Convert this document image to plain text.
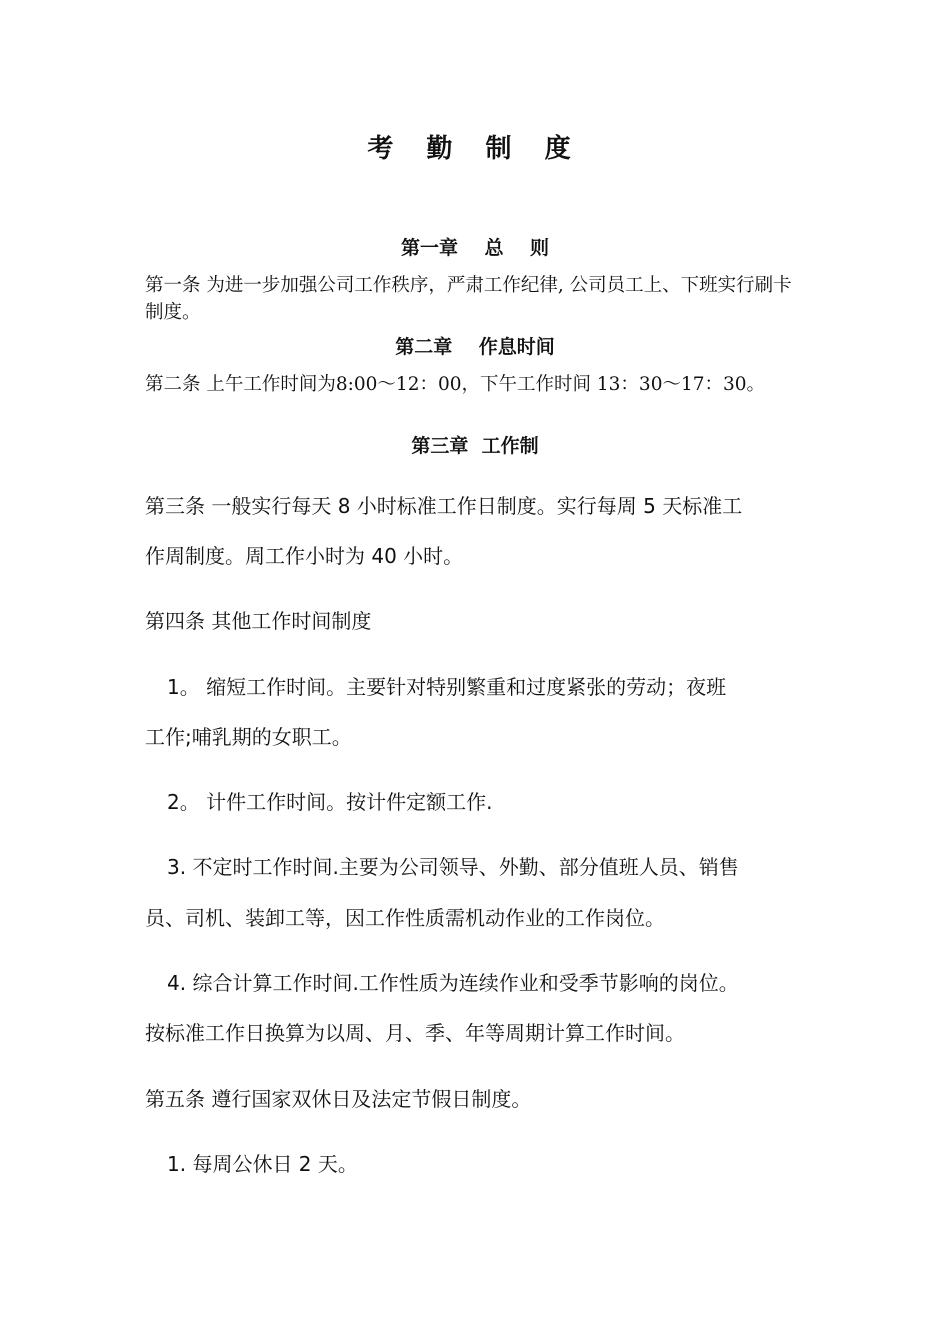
考 勤 制 度
第一章    总    则
第一条 为进一步加强公司工作秩序，严肃工作纪律, 公司员工上、下班实行刷卡制度。
第二章    作息时间
第二条 上午工作时间为8:00～12：00，下午工作时间 13：30～17：30。
第三章  工作制
第三条 一般实行每天 8 小时标准工作日制度。实行每周 5 天标准工
作周制度。周工作小时为 40 小时。
第四条 其他工作时间制度
1。 缩短工作时间。主要针对特别繁重和过度紧张的劳动；夜班
工作;哺乳期的女职工。
2。 计件工作时间。按计件定额工作.
3. 不定时工作时间.主要为公司领导、外勤、部分值班人员、销售
员、司机、装卸工等，因工作性质需机动作业的工作岗位。
4. 综合计算工作时间.工作性质为连续作业和受季节影响的岗位。
按标准工作日换算为以周、月、季、年等周期计算工作时间。
第五条 遵行国家双休日及法定节假日制度。
1. 每周公休日 2 天。
